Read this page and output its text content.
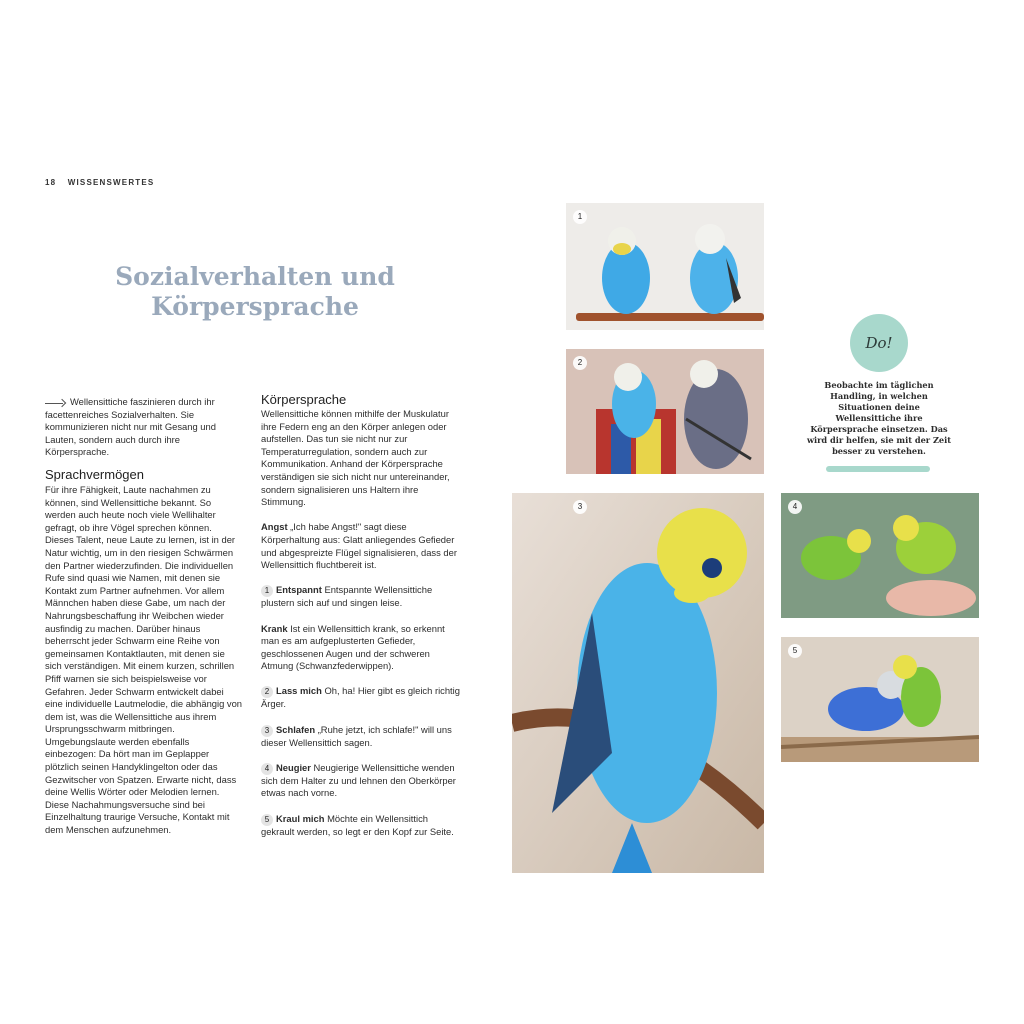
18 WISSENSWERTES
Sozialverhalten und
Körpersprache
Wellensittiche faszinieren durch ihr facettenreiches Sozialverhalten. Sie kommunizieren nicht nur mit Gesang und Lauten, sondern auch durch ihre Körpersprache.
Sprachvermögen
Für ihre Fähigkeit, Laute nachahmen zu können, sind Wellensittiche bekannt. So werden auch heute noch viele Wellihalter gefragt, ob ihre Vögel sprechen können. Dieses Talent, neue Laute zu lernen, ist in der Natur wichtig, um in den riesigen Schwärmen den Partner wiederzufinden. Die individuellen Rufe sind quasi wie Namen, mit denen sie Kontakt zum Partner aufnehmen. Vor allem Männchen haben diese Gabe, um nach der Nahrungsbeschaffung ihr Weibchen wieder ausfindig zu machen. Darüber hinaus beherrscht jeder Schwarm eine Reihe von gemeinsamen Kontaktlauten, mit denen sie sich verständigen. Mit einem kurzen, schrillen Pfiff warnen sie sich beispielsweise vor Gefahren. Jeder Schwarm entwickelt dabei eine individuelle Lautmelodie, die abhängig von dem ist, was die Wellensittiche aus ihrem Ursprungsschwarm mitbringen. Umgebungslaute werden ebenfalls einbezogen: Da hört man im Geplapper plötzlich seinen Handyklingelton oder das Gezwitscher von Spatzen. Erwarte nicht, dass deine Wellis Wörter oder Melodien lernen. Diese Nachahmungsversuche sind bei Einzelhaltung traurige Versuche, Kontakt mit dem Menschen aufzunehmen.
Körpersprache

Wellensittiche können mithilfe der Muskulatur ihre Federn eng an den Körper anlegen oder aufstellen. Das tun sie nicht nur zur Temperaturregulation, sondern auch zur Kommunikation. Anhand der Körpersprache verständigen sie sich nicht nur untereinander, sondern signalisieren uns Haltern ihre Stimmung.

Angst „Ich habe Angst!" sagt diese Körperhaltung aus: Glatt anliegendes Gefieder und abgespreizte Flügel signalisieren, dass der Wellensittich fluchtbereit ist.

1 Entspannt Entspannte Wellensittiche plustern sich auf und singen leise.

Krank Ist ein Wellensittich krank, so erkennt man es am aufgeplusterten Gefieder, geschlossenen Augen und der schweren Atmung (Schwanzfederwippen).

2 Lass mich Oh, ha! Hier gibt es gleich richtig Ärger.

3 Schlafen „Ruhe jetzt, ich schlafe!" will uns dieser Wellensittich sagen.

4 Neugier Neugierige Wellensittiche wenden sich dem Halter zu und lehnen den Oberkörper etwas nach vorne.

5 Kraul mich Möchte ein Wellensittich gekrault werden, so legt er den Kopf zur Seite.

1
2
3	4
5
Do!
Beobachte im täglichen Handling, in welchen Situationen deine Wellensittiche ihre Körpersprache einsetzen. Das wird dir helfen, sie mit der Zeit besser zu verstehen.
